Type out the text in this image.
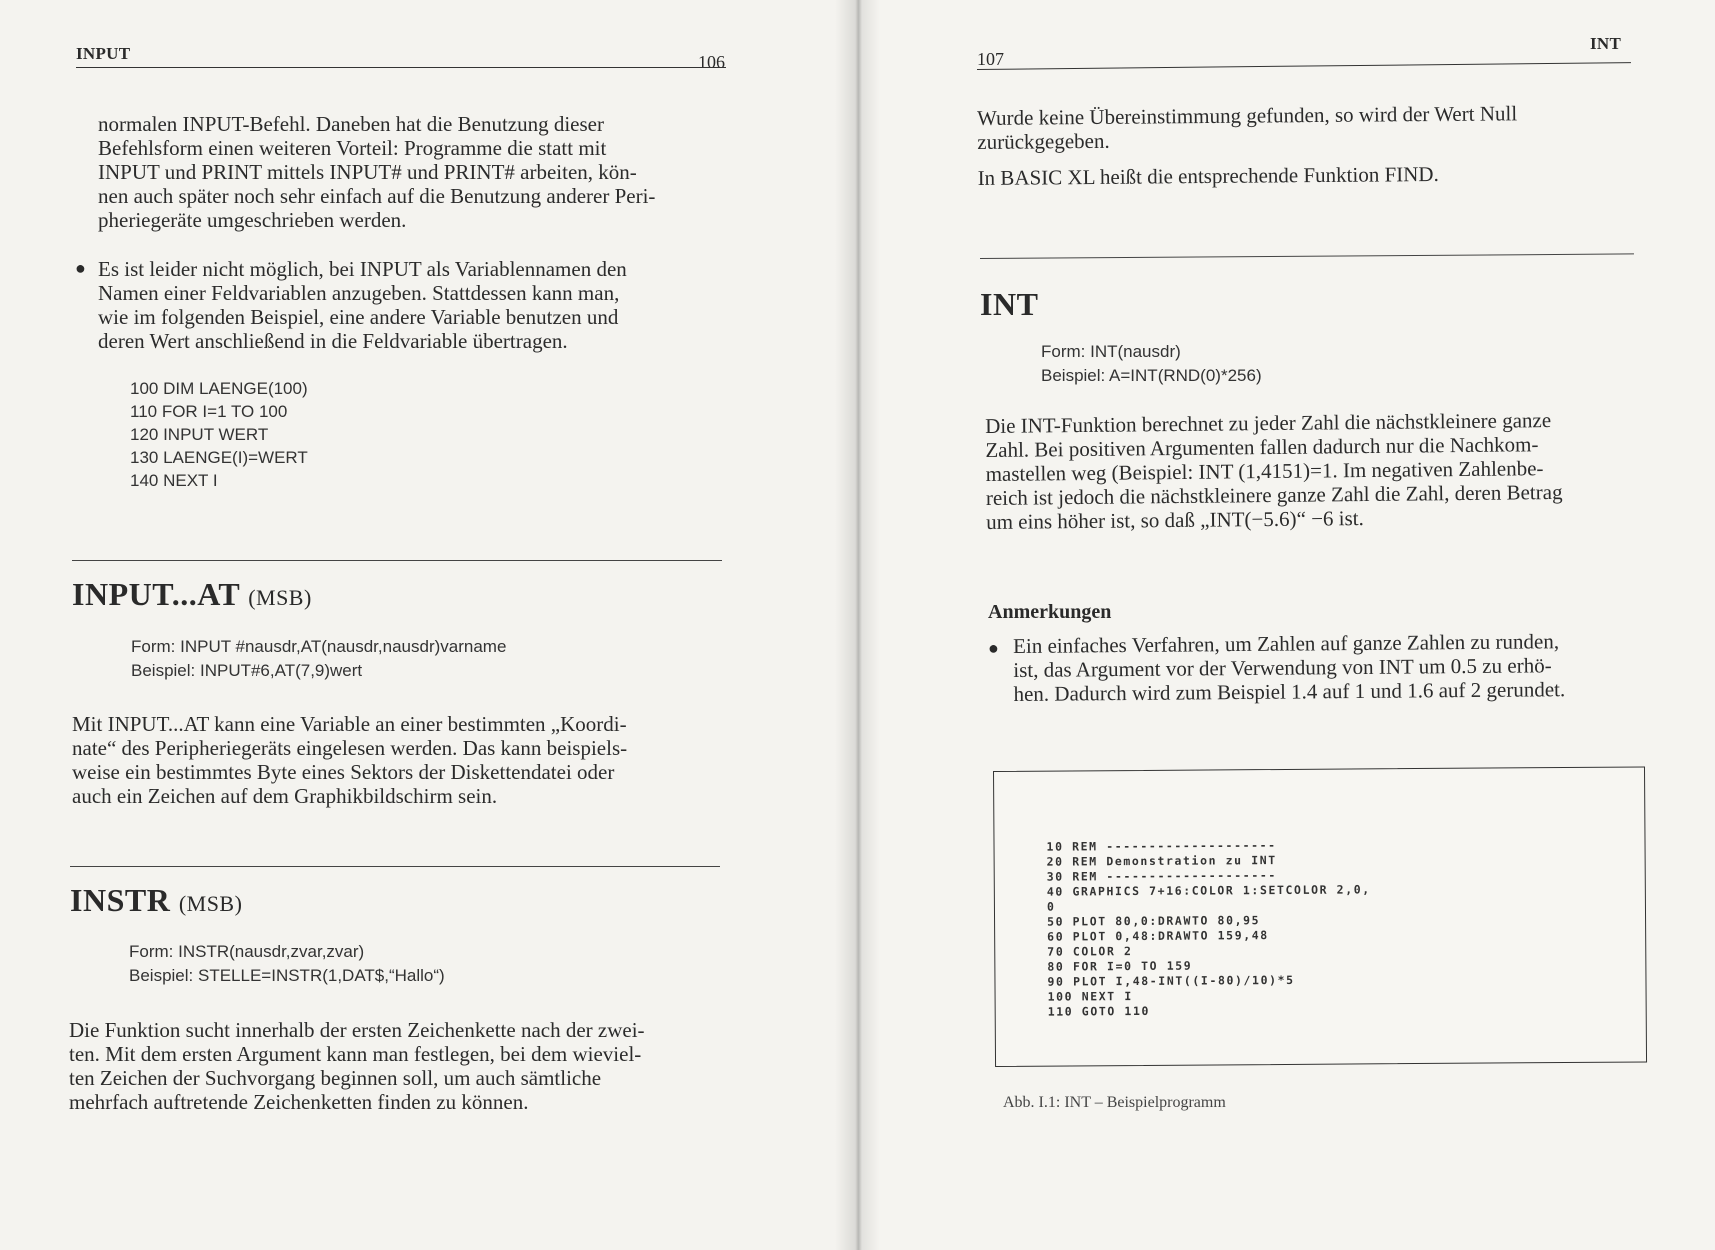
INPUT	106
normalen INPUT-Befehl. Daneben hat die Benutzung dieser
Befehlsform einen weiteren Vorteil: Programme die statt mit
INPUT und PRINT mittels INPUT# und PRINT# arbeiten, kön-
nen auch später noch sehr einfach auf die Benutzung anderer Peri-
pheriegeräte umgeschrieben werden.
● Es ist leider nicht möglich, bei INPUT als Variablennamen den
Namen einer Feldvariablen anzugeben. Stattdessen kann man,
wie im folgenden Beispiel, eine andere Variable benutzen und
deren Wert anschließend in die Feldvariable übertragen.
100 DIM LAENGE(100)
110 FOR I=1 TO 100
120 INPUT WERT
130 LAENGE(I)=WERT
140 NEXT I
INPUT...AT (MSB)
Form: INPUT #nausdr,AT(nausdr,nausdr)varname
Beispiel: INPUT#6,AT(7,9)wert
Mit INPUT...AT kann eine Variable an einer bestimmten „Koordi-
nate“ des Peripheriegeräts eingelesen werden. Das kann beispiels-
weise ein bestimmtes Byte eines Sektors der Diskettendatei oder
auch ein Zeichen auf dem Graphikbildschirm sein.
INSTR (MSB)
Form: INSTR(nausdr,zvar,zvar)
Beispiel: STELLE=INSTR(1,DAT$,“Hallo“)
Die Funktion sucht innerhalb der ersten Zeichenkette nach der zwei-
ten. Mit dem ersten Argument kann man festlegen, bei dem wieviel-
ten Zeichen der Suchvorgang beginnen soll, um auch sämtliche
mehrfach auftretende Zeichenketten finden zu können.
107
INT
Wurde keine Übereinstimmung gefunden, so wird der Wert Null
zurückgegeben.
In BASIC XL heißt die entsprechende Funktion FIND.
INT
Form: INT(nausdr)
Beispiel: A=INT(RND(0)*256)
Die INT-Funktion berechnet zu jeder Zahl die nächstkleinere ganze
Zahl. Bei positiven Argumenten fallen dadurch nur die Nachkom-
mastellen weg (Beispiel: INT (1,4151)=1. Im negativen Zahlenbe-
reich ist jedoch die nächstkleinere ganze Zahl die Zahl, deren Betrag
um eins höher ist, so daß „INT(−5.6)“ −6 ist.
Anmerkungen
● Ein einfaches Verfahren, um Zahlen auf ganze Zahlen zu runden,
ist, das Argument vor der Verwendung von INT um 0.5 zu erhö-
hen. Dadurch wird zum Beispiel 1.4 auf 1 und 1.6 auf 2 gerundet.
10 REM --------------------
20 REM Demonstration zu INT
30 REM --------------------
40 GRAPHICS 7+16:COLOR 1:SETCOLOR 2,0,
0
50 PLOT 80,0:DRAWTO 80,95
60 PLOT 0,48:DRAWTO 159,48
70 COLOR 2
80 FOR I=0 TO 159
90 PLOT I,48-INT((I-80)/10)*5
100 NEXT I
110 GOTO 110
Abb. I.1: INT – Beispielprogramm
